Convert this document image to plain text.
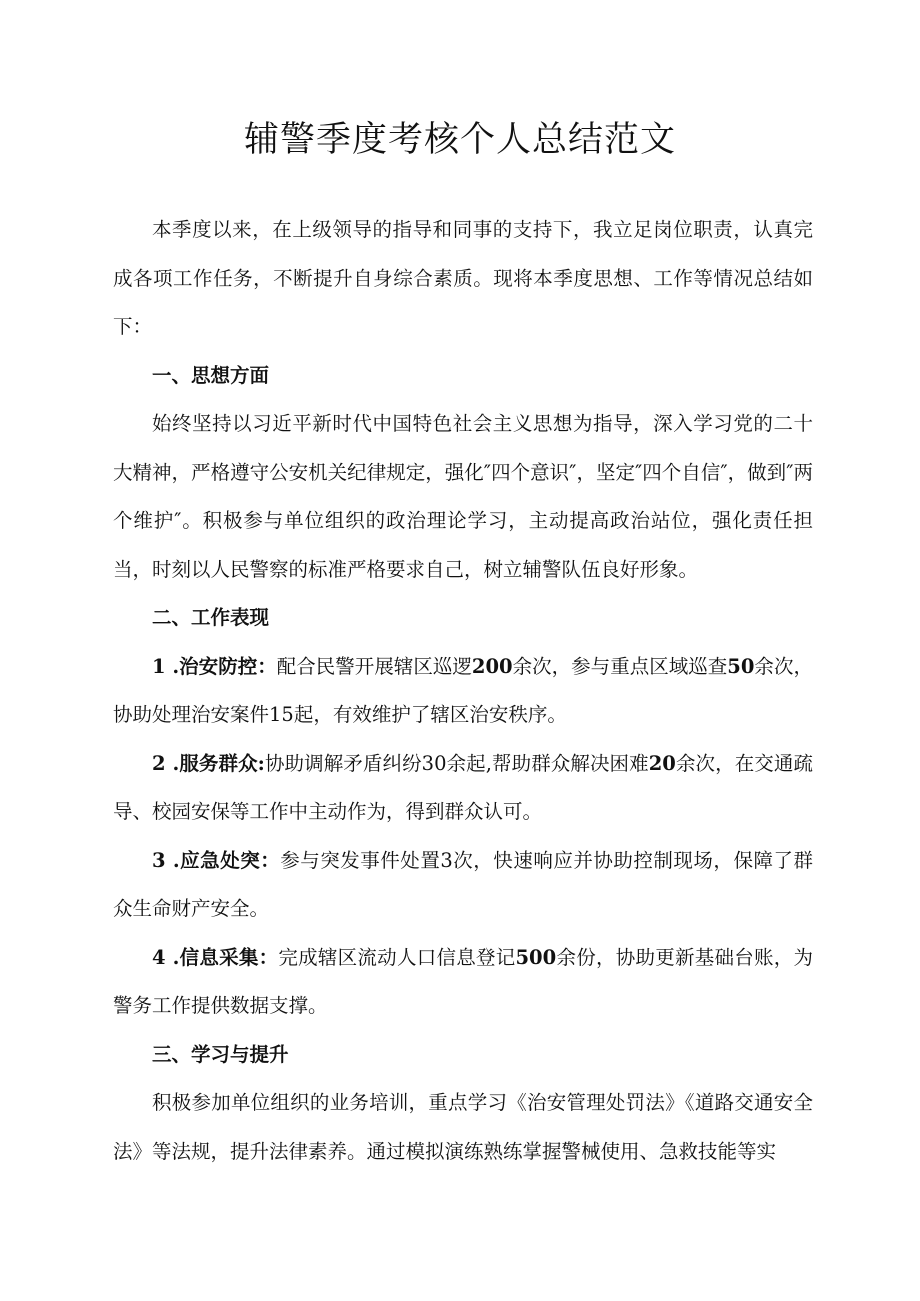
辅警季度考核个人总结范文

本季度以来，在上级领导的指导和同事的支持下，我立足岗位职责，认真完成各项工作任务，不断提升自身综合素质。现将本季度思想、工作等情况总结如下：

一、思想方面

始终坚持以习近平新时代中国特色社会主义思想为指导，深入学习党的二十大精神，严格遵守公安机关纪律规定，强化″四个意识″，坚定″四个自信″，做到″两个维护″。积极参与单位组织的政治理论学习，主动提高政治站位，强化责任担当，时刻以人民警察的标准严格要求自己，树立辅警队伍良好形象。

二、工作表现

1 .治安防控：配合民警开展辖区巡逻200余次，参与重点区域巡查50余次，协助处理治安案件15起，有效维护了辖区治安秩序。

2 .服务群众:协助调解矛盾纠纷30余起,帮助群众解决困难20余次，在交通疏导、校园安保等工作中主动作为，得到群众认可。

3 .应急处突：参与突发事件处置3次，快速响应并协助控制现场，保障了群众生命财产安全。

4 .信息采集：完成辖区流动人口信息登记500余份，协助更新基础台账，为警务工作提供数据支撑。

三、学习与提升

积极参加单位组织的业务培训，重点学习《治安管理处罚法》《道路交通安全法》等法规，提升法律素养。通过模拟演练熟练掌握警械使用、急救技能等实
